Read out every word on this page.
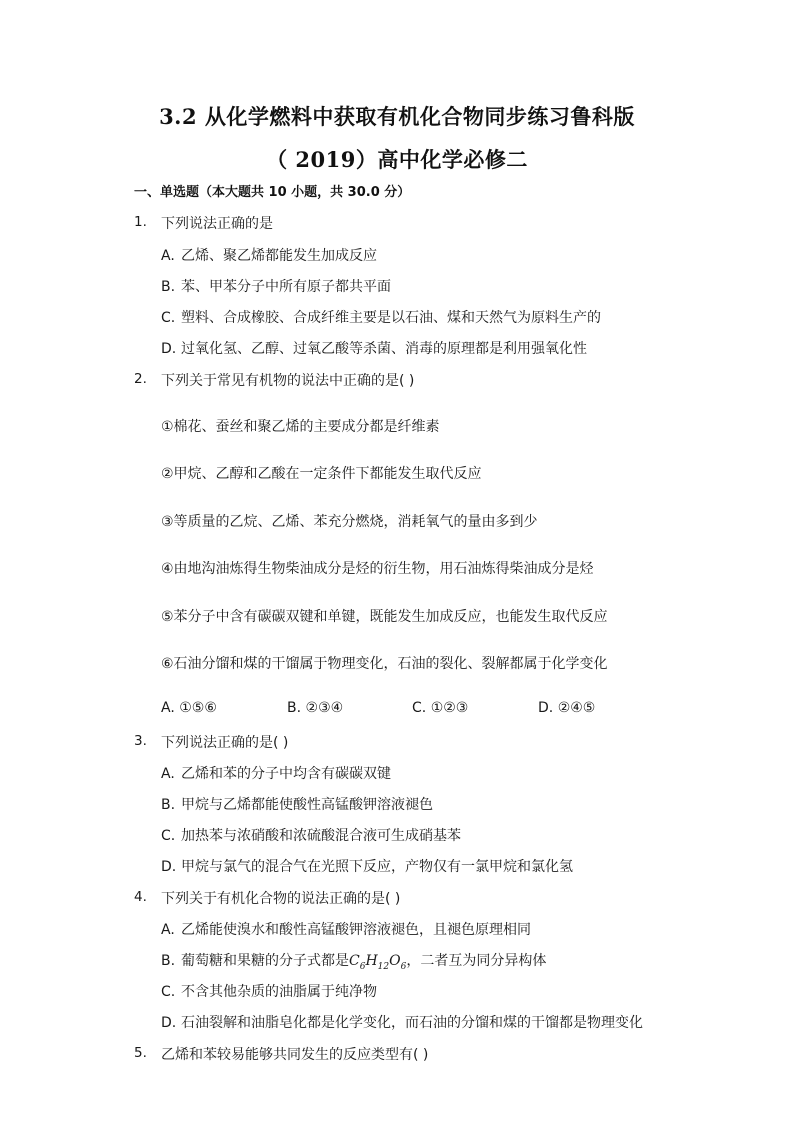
3.2 从化学燃料中获取有机化合物同步练习鲁科版
（ 2019）高中化学必修二
一、单选题（本大题共 10 小题，共 30.0 分）
1. 下列说法正确的是
A. 乙烯、聚乙烯都能发生加成反应
B. 苯、甲苯分子中所有原子都共平面
C. 塑料、合成橡胶、合成纤维主要是以石油、煤和天然气为原料生产的
D. 过氧化氢、乙醇、过氧乙酸等杀菌、消毒的原理都是利用强氧化性
2. 下列关于常见有机物的说法中正确的是( )
①棉花、蚕丝和聚乙烯的主要成分都是纤维素
②甲烷、乙醇和乙酸在一定条件下都能发生取代反应
③等质量的乙烷、乙烯、苯充分燃烧，消耗氧气的量由多到少
④由地沟油炼得生物柴油成分是烃的衍生物，用石油炼得柴油成分是烃
⑤苯分子中含有碳碳双键和单键，既能发生加成反应，也能发生取代反应
⑥石油分馏和煤的干馏属于物理变化，石油的裂化、裂解都属于化学变化
A. ①⑤⑥	B. ②③④	C. ①②③	D. ②④⑤
3. 下列说法正确的是( )
A. 乙烯和苯的分子中均含有碳碳双键
B. 甲烷与乙烯都能使酸性高锰酸钾溶液褪色
C. 加热苯与浓硝酸和浓硫酸混合液可生成硝基苯
D. 甲烷与氯气的混合气在光照下反应，产物仅有一氯甲烷和氯化氢
4. 下列关于有机化合物的说法正确的是( )
A. 乙烯能使溴水和酸性高锰酸钾溶液褪色，且褪色原理相同
B. 葡萄糖和果糖的分子式都是$C_6H_{12}O_6$，二者互为同分异构体
C. 不含其他杂质的油脂属于纯净物
D. 石油裂解和油脂皂化都是化学变化，而石油的分馏和煤的干馏都是物理变化
5. 乙烯和苯较易能够共同发生的反应类型有( )
